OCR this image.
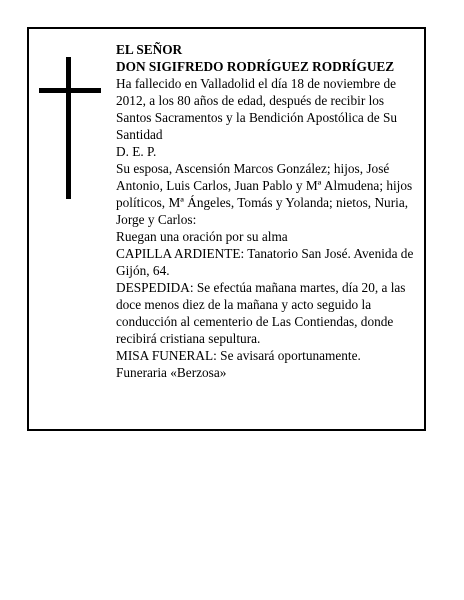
EL SEÑOR

DON SIGIFREDO RODRÍGUEZ RODRÍGUEZ

Ha fallecido en Valladolid el día 18 de noviembre de 2012, a los 80 años de edad, después de recibir los Santos Sacramentos y la Bendición Apostólica de Su Santidad

D. E. P.

Su esposa, Ascensión Marcos González; hijos, José Antonio, Luis Carlos, Juan Pablo y Mª Almudena; hijos políticos, Mª Ángeles, Tomás y Yolanda; nietos, Nuria, Jorge y Carlos:

Ruegan una oración por su alma

CAPILLA ARDIENTE: Tanatorio San José. Avenida de Gijón, 64.

DESPEDIDA: Se efectúa mañana martes, día 20, a las doce menos diez de la mañana y acto seguido la conducción al cementerio de Las Contiendas, donde recibirá cristiana sepultura.

MISA FUNERAL: Se avisará oportunamente.

Funeraria «Berzosa»
